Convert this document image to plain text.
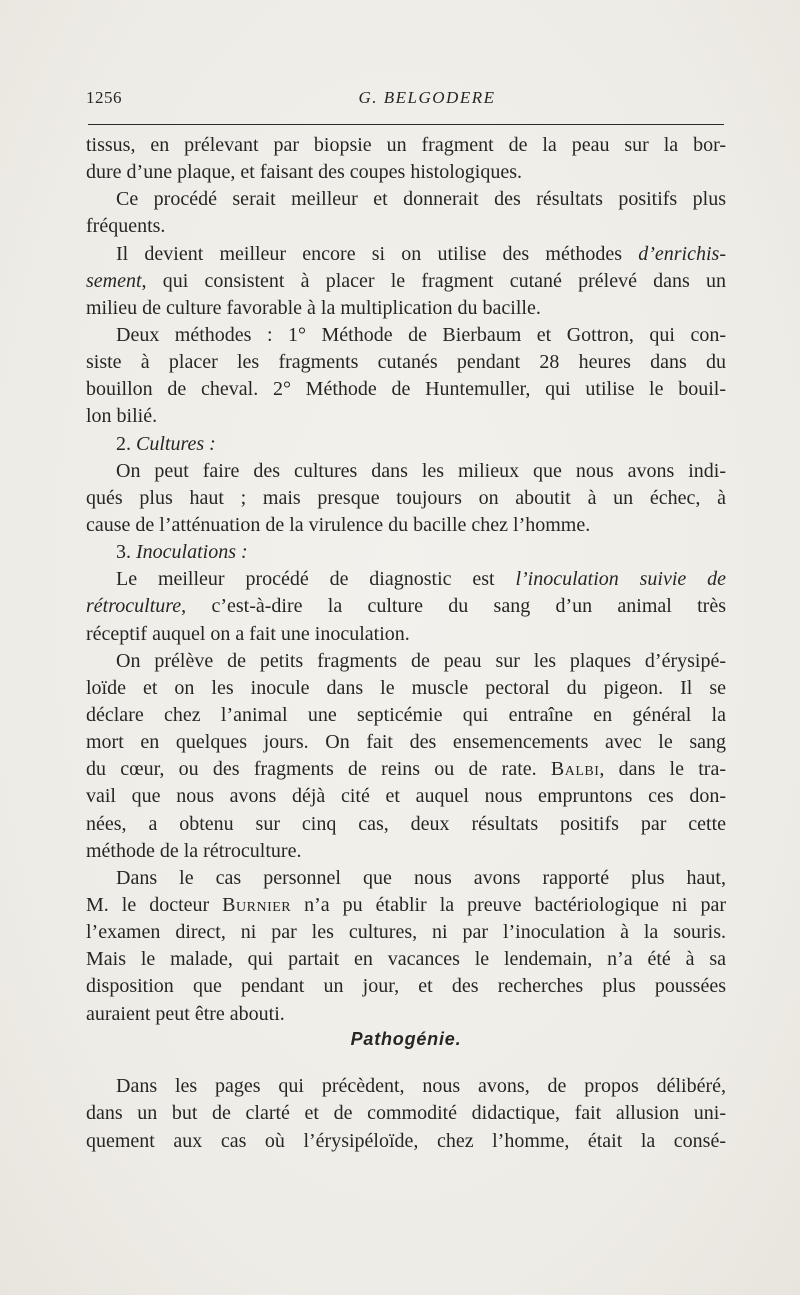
1256	G. BELGODERE
tissus, en prélevant par biopsie un fragment de la peau sur la bor-
dure d’une plaque, et faisant des coupes histologiques.
Ce procédé serait meilleur et donnerait des résultats positifs plus
fréquents.
Il devient meilleur encore si on utilise des méthodes d’enrichis-
sement, qui consistent à placer le fragment cutané prélevé dans un
milieu de culture favorable à la multiplication du bacille.
Deux méthodes : 1° Méthode de Bierbaum et Gottron, qui con-
siste à placer les fragments cutanés pendant 28 heures dans du
bouillon de cheval. 2° Méthode de Huntemuller, qui utilise le bouil-
lon bilié.
2. Cultures :
On peut faire des cultures dans les milieux que nous avons indi-
qués plus haut ; mais presque toujours on aboutit à un échec, à
cause de l’atténuation de la virulence du bacille chez l’homme.
3. Inoculations :
Le meilleur procédé de diagnostic est l’inoculation suivie de
rétroculture, c’est-à-dire la culture du sang d’un animal très
réceptif auquel on a fait une inoculation.
On prélève de petits fragments de peau sur les plaques d’érysipé-
loïde et on les inocule dans le muscle pectoral du pigeon. Il se
déclare chez l’animal une septicémie qui entraîne en général la
mort en quelques jours. On fait des ensemencements avec le sang
du cœur, ou des fragments de reins ou de rate. Balbi, dans le tra-
vail que nous avons déjà cité et auquel nous empruntons ces don-
nées, a obtenu sur cinq cas, deux résultats positifs par cette
méthode de la rétroculture.
Dans le cas personnel que nous avons rapporté plus haut,
M. le docteur Burnier n’a pu établir la preuve bactériologique ni par
l’examen direct, ni par les cultures, ni par l’inoculation à la souris.
Mais le malade, qui partait en vacances le lendemain, n’a été à sa
disposition que pendant un jour, et des recherches plus poussées
auraient peut être abouti.
Pathogénie.
Dans les pages qui précèdent, nous avons, de propos délibéré,
dans un but de clarté et de commodité didactique, fait allusion uni-
quement aux cas où l’érysipéloïde, chez l’homme, était la consé-
